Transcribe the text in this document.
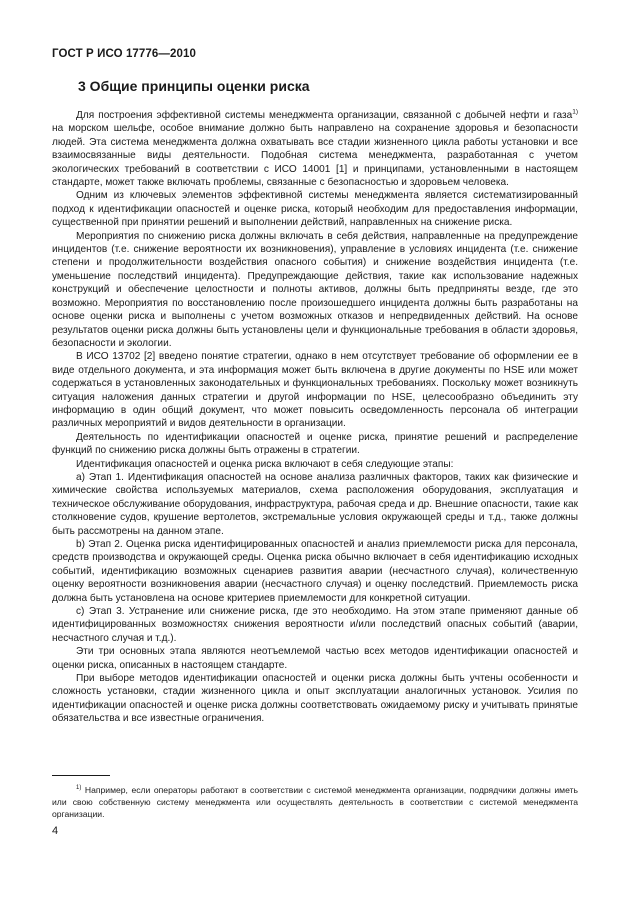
ГОСТ Р ИСО 17776—2010
3 Общие принципы оценки риска

Для построения эффективной системы менеджмента организации, связанной с добычей нефти и газа$^{1)}$ на морском шельфе, особое внимание должно быть направлено на сохранение здоровья и безопасности людей. Эта система менеджмента должна охватывать все стадии жизненного цикла работы установки и все взаимосвязанные виды деятельности. Подобная система менеджмента, разработанная с учетом экологических требований в соответствии с ИСО 14001 [1] и принципами, установленными в настоящем стандарте, может также включать проблемы, связанные с безопасностью и здоровьем человека.

Одним из ключевых элементов эффективной системы менеджмента является систематизированный подход к идентификации опасностей и оценке риска, который необходим для предоставления информации, существенной при принятии решений и выполнении действий, направленных на снижение риска.

Мероприятия по снижению риска должны включать в себя действия, направленные на предупреждение инцидентов (т.е. снижение вероятности их возникновения), управление в условиях инцидента (т.е. снижение степени и продолжительности воздействия опасного события) и снижение воздействия инцидента (т.е. уменьшение последствий инцидента). Предупреждающие действия, такие как использование надежных конструкций и обеспечение целостности и полноты активов, должны быть предприняты везде, где это возможно. Мероприятия по восстановлению после произошедшего инцидента должны быть разработаны на основе оценки риска и выполнены с учетом возможных отказов и непредвиденных действий. На основе результатов оценки риска должны быть установлены цели и функциональные требования в области здоровья, безопасности и экологии.

В ИСО 13702 [2] введено понятие стратегии, однако в нем отсутствует требование об оформлении ее в виде отдельного документа, и эта информация может быть включена в другие документы по HSE или может содержаться в установленных законодательных и функциональных требованиях. Поскольку может возникнуть ситуация наложения данных стратегии и другой информации по HSE, целесообразно объединить эту информацию в один общий документ, что может повысить осведомленность персонала об интеграции различных мероприятий и видов деятельности в организации.

Деятельность по идентификации опасностей и оценке риска, принятие решений и распределение функций по снижению риска должны быть отражены в стратегии.

Идентификация опасностей и оценка риска включают в себя следующие этапы:

a) Этап 1. Идентификация опасностей на основе анализа различных факторов, таких как физические и химические свойства используемых материалов, схема расположения оборудования, эксплуатация и техническое обслуживание оборудования, инфраструктура, рабочая среда и др. Внешние опасности, такие как столкновение судов, крушение вертолетов, экстремальные условия окружающей среды и т.д., также должны быть рассмотрены на данном этапе.

b) Этап 2. Оценка риска идентифицированных опасностей и анализ приемлемости риска для персонала, средств производства и окружающей среды. Оценка риска обычно включает в себя идентификацию исходных событий, идентификацию возможных сценариев развития аварии (несчастного случая), количественную оценку вероятности возникновения аварии (несчастного случая) и оценку последствий. Приемлемость риска должна быть установлена на основе критериев приемлемости для конкретной ситуации.

c) Этап 3. Устранение или снижение риска, где это необходимо. На этом этапе применяют данные об идентифицированных возможностях снижения вероятности и/или последствий опасных событий (аварии, несчастного случая и т.д.).

Эти три основных этапа являются неотъемлемой частью всех методов идентификации опасностей и оценки риска, описанных в настоящем стандарте.

При выборе методов идентификации опасностей и оценки риска должны быть учтены особенности и сложность установки, стадии жизненного цикла и опыт эксплуатации аналогичных установок. Усилия по идентификации опасностей и оценке риска должны соответствовать ожидаемому риску и учитывать принятые обязательства и все известные ограничения.

$^{1)}$ Например, если операторы работают в соответствии с системой менеджмента организации, подрядчики должны иметь или свою собственную систему менеджмента или осуществлять деятельность в соответствии с системой менеджмента организации.
4
